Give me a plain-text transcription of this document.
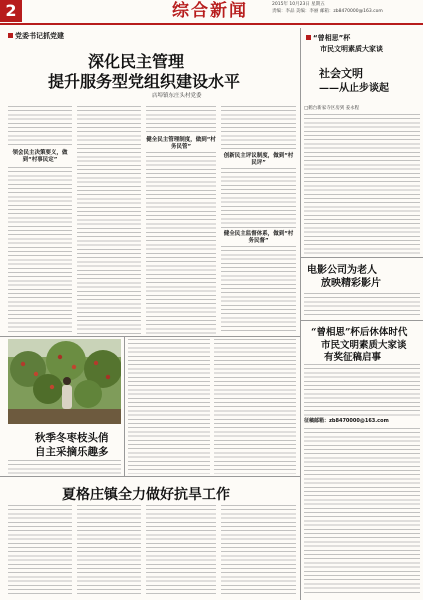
2	综合新闻	2015年 10月23日 星期五
责编：李品 美编：李丽 邮箱：zb8470000@163.com
党委书记抓党建
深化民主管理
提升服务型党组织建设水平
店埠镇东庄头村党委
领会民主决策要义，做到“村事民定”
健全民主管理制度，做到“村务民管”
创新民主评议制度，做到“村民评”
健全民主监督体系，做到“村务民督”
“曾相思”杯
市民文明素质大家谈
社会文明
——从止步谈起
□鹤台新家寺区房到 姜永程
电影公司为老人
放映精彩影片
“曾相思”杯后休体时代
市民文明素质大家谈
有奖征稿启事
征稿邮箱：zb8470000@163.com
秋季冬枣枝头俏
自主采摘乐趣多
夏格庄镇全力做好抗旱工作
